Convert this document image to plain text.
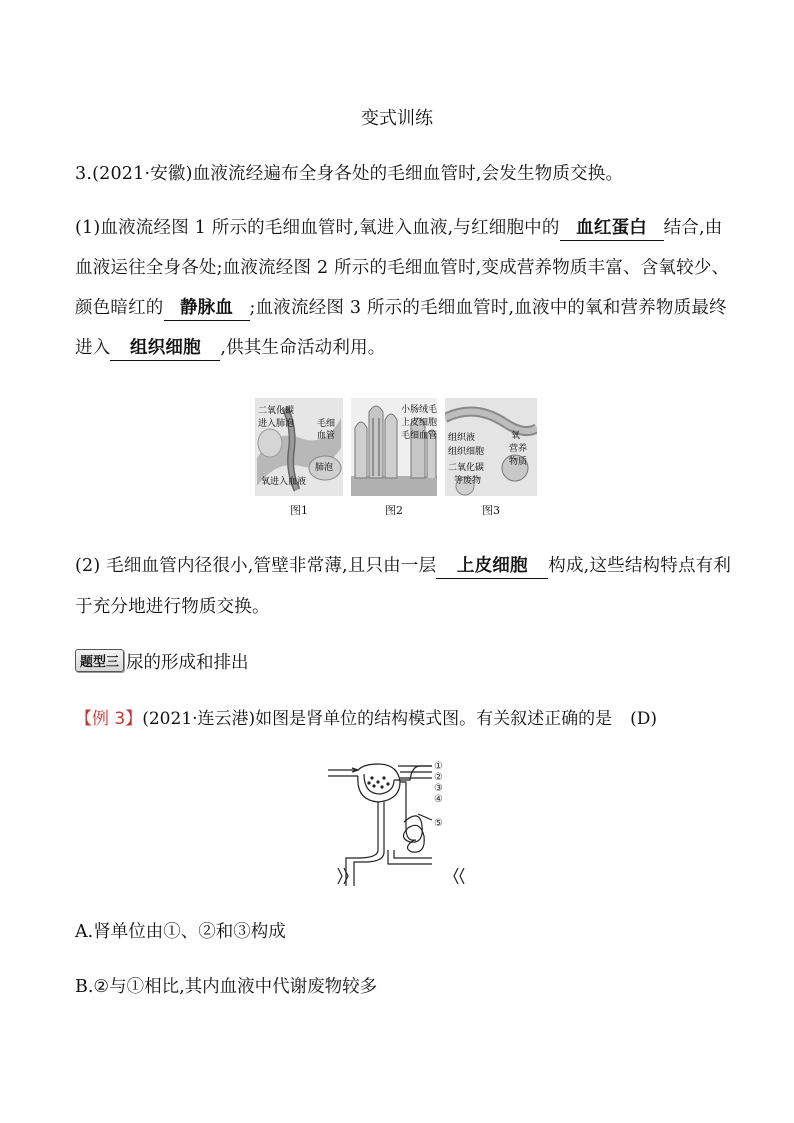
变式训练
3.(2021·安徽)血液流经遍布全身各处的毛细血管时,会发生物质交换。
(1)血液流经图 1 所示的毛细血管时,氧进入血液,与红细胞中的 血红蛋白 结合,由血液运往全身各处;血液流经图 2 所示的毛细血管时,变成营养物质丰富、含氧较少、颜色暗红的 静脉血 ;血液流经图 3 所示的毛细血管时,血液中的氧和营养物质最终进入 组织细胞 ,供其生命活动利用。
二氧化碳
进入肺泡	毛细
血管
肺泡
氧进入血液
小肠绒毛
上皮细胞
毛细血管 组织液
组织细胞
二氧化碳
等废物
氧
营养
物质
图1	图2	图3
(2) 毛细血管内径很小,管壁非常薄,且只由一层 上皮细胞 构成,这些结构特点有利于充分地进行物质交换。
题型三 尿的形成和排出
【例 3】(2021·连云港)如图是肾单位的结构模式图。有关叙述正确的是 (D)
①
②
③
④
⑤
A.肾单位由①、②和③构成
B.②与①相比,其内血液中代谢废物较多
